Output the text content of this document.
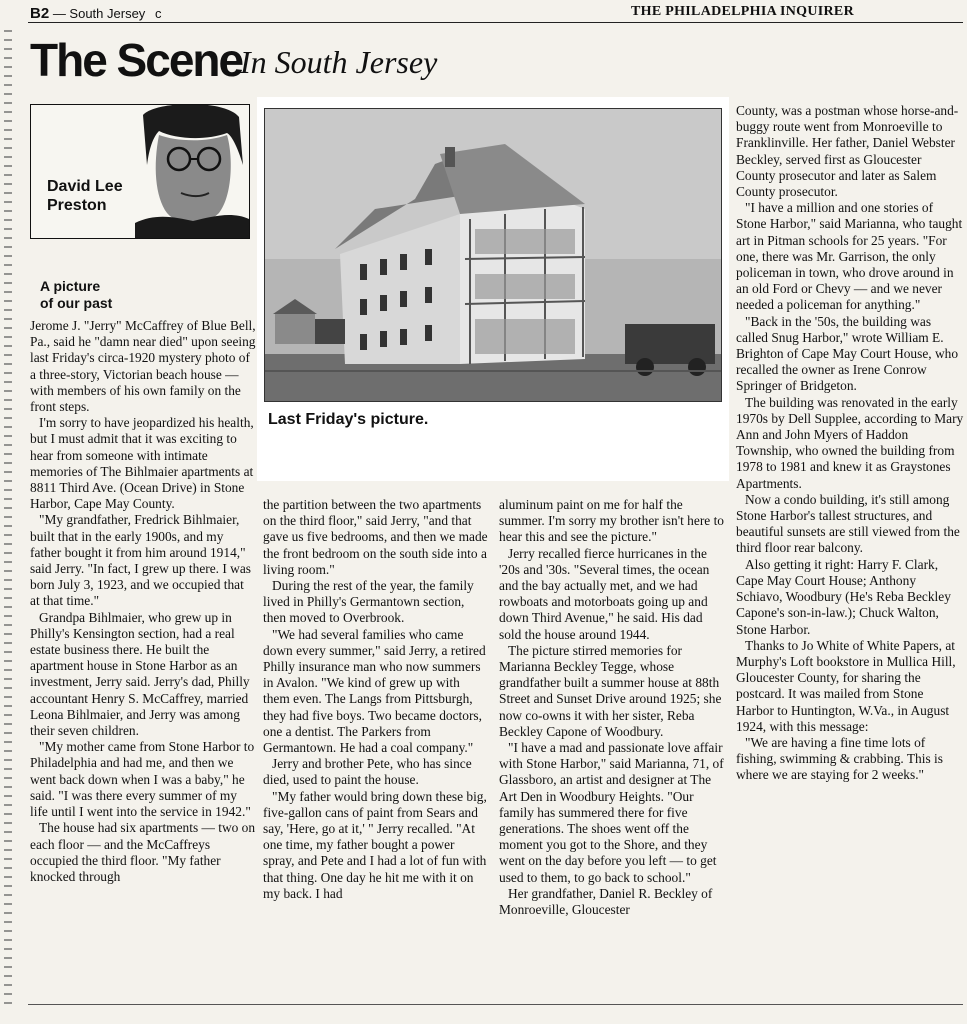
B2 — South Jersey c	THE PHILADELPHIA INQUIRER
The Scene
In South Jersey
David Lee
Preston
Last Friday's picture.
A picture
of our past

Jerome J. "Jerry" McCaffrey of Blue Bell, Pa., said he "damn near died" upon seeing last Friday's circa-1920 mystery photo of a three-story, Victorian beach house — with members of his own family on the front steps.

I'm sorry to have jeopardized his health, but I must admit that it was exciting to hear from someone with intimate memories of The Bihlmaier apartments at 8811 Third Ave. (Ocean Drive) in Stone Harbor, Cape May County.

"My grandfather, Fredrick Bihlmaier, built that in the early 1900s, and my father bought it from him around 1914," said Jerry. "In fact, I grew up there. I was born July 3, 1923, and we occupied that at that time."

Grandpa Bihlmaier, who grew up in Philly's Kensington section, had a real estate business there. He built the apartment house in Stone Harbor as an investment, Jerry said. Jerry's dad, Philly accountant Henry S. McCaffrey, married Leona Bihlmaier, and Jerry was among their seven children.

"My mother came from Stone Harbor to Philadelphia and had me, and then we went back down when I was a baby," he said. "I was there every summer of my life until I went into the service in 1942."

The house had six apartments — two on each floor — and the McCaffreys occupied the third floor. "My father knocked through

the partition between the two apartments on the third floor," said Jerry, "and that gave us five bedrooms, and then we made the front bedroom on the south side into a living room."

During the rest of the year, the family lived in Philly's Germantown section, then moved to Overbrook.

"We had several families who came down every summer," said Jerry, a retired Philly insurance man who now summers in Avalon. "We kind of grew up with them even. The Langs from Pittsburgh, they had five boys. Two became doctors, one a dentist. The Parkers from Germantown. He had a coal company."

Jerry and brother Pete, who has since died, used to paint the house.

"My father would bring down these big, five-gallon cans of paint from Sears and say, 'Here, go at it,' " Jerry recalled. "At one time, my father bought a power spray, and Pete and I had a lot of fun with that thing. One day he hit me with it on my back. I had

aluminum paint on me for half the summer. I'm sorry my brother isn't here to hear this and see the picture."

Jerry recalled fierce hurricanes in the '20s and '30s. "Several times, the ocean and the bay actually met, and we had rowboats and motorboats going up and down Third Avenue," he said. His dad sold the house around 1944.

The picture stirred memories for Marianna Beckley Tegge, whose grandfather built a summer house at 88th Street and Sunset Drive around 1925; she now co-owns it with her sister, Reba Beckley Capone of Woodbury.

"I have a mad and passionate love affair with Stone Harbor," said Marianna, 71, of Glassboro, an artist and designer at The Art Den in Woodbury Heights. "Our family has summered there for five generations. The shoes went off the moment you got to the Shore, and they went on the day before you left — to get used to them, to go back to school."

Her grandfather, Daniel R. Beckley of Monroeville, Gloucester

County, was a postman whose horse-and-buggy route went from Monroeville to Franklinville. Her father, Daniel Webster Beckley, served first as Gloucester County prosecutor and later as Salem County prosecutor.

"I have a million and one stories of Stone Harbor," said Marianna, who taught art in Pitman schools for 25 years. "For one, there was Mr. Garrison, the only policeman in town, who drove around in an old Ford or Chevy — and we never needed a policeman for anything."

"Back in the '50s, the building was called Snug Harbor," wrote William E. Brighton of Cape May Court House, who recalled the owner as Irene Conrow Springer of Bridgeton.

The building was renovated in the early 1970s by Dell Supplee, according to Mary Ann and John Myers of Haddon Township, who owned the building from 1978 to 1981 and knew it as Graystones Apartments.

Now a condo building, it's still among Stone Harbor's tallest structures, and beautiful sunsets are still viewed from the third floor rear balcony.

Also getting it right: Harry F. Clark, Cape May Court House; Anthony Schiavo, Woodbury (He's Reba Beckley Capone's son-in-law.); Chuck Walton, Stone Harbor.

Thanks to Jo White of White Papers, at Murphy's Loft bookstore in Mullica Hill, Gloucester County, for sharing the postcard. It was mailed from Stone Harbor to Huntington, W.Va., in August 1924, with this message:

"We are having a fine time lots of fishing, swimming & crabbing. This is where we are staying for 2 weeks."
